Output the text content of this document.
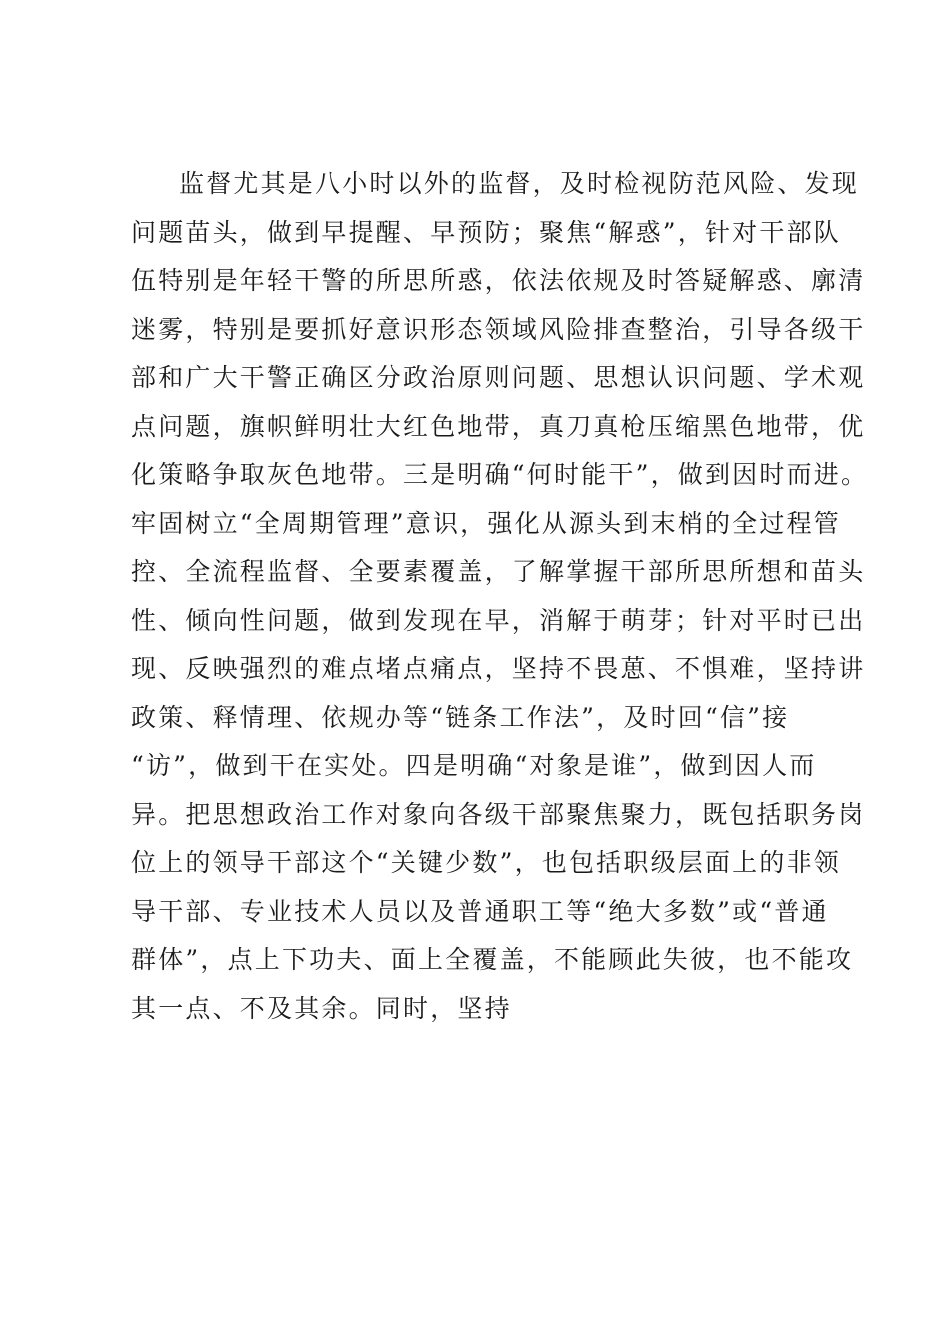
监督尤其是八小时以外的监督，及时检视防范风险、发现
问题苗头，做到早提醒、早预防；聚焦“解惑”，针对干部队
伍特别是年轻干警的所思所惑，依法依规及时答疑解惑、廓清
迷雾，特别是要抓好意识形态领域风险排查整治，引导各级干
部和广大干警正确区分政治原则问题、思想认识问题、学术观
点问题，旗帜鲜明壮大红色地带，真刀真枪压缩黑色地带，优
化策略争取灰色地带。三是明确“何时能干”，做到因时而进。
牢固树立“全周期管理”意识，强化从源头到末梢的全过程管
控、全流程监督、全要素覆盖，了解掌握干部所思所想和苗头
性、倾向性问题，做到发现在早，消解于萌芽；针对平时已出
现、反映强烈的难点堵点痛点，坚持不畏葸、不惧难，坚持讲
政策、释情理、依规办等“链条工作法”，及时回“信”接
“访”，做到干在实处。四是明确“对象是谁”，做到因人而
异。把思想政治工作对象向各级干部聚焦聚力，既包括职务岗
位上的领导干部这个“关键少数”，也包括职级层面上的非领
导干部、专业技术人员以及普通职工等“绝大多数”或“普通
群体”，点上下功夫、面上全覆盖，不能顾此失彼，也不能攻
其一点、不及其余。同时，坚持
